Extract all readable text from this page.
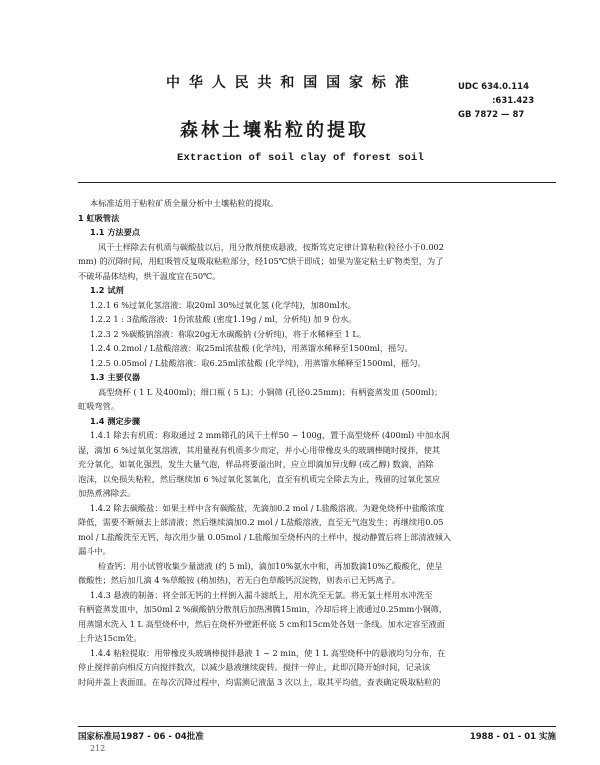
中 华 人 民 共 和 国 国 家 标 准	UDC 634.0.114
:631.423
GB 7872 — 87
森林土壤粘粒的提取
Extraction of soil clay of forest soil

本标准适用于粘粒矿质全量分析中土壤粘粒的提取。

1 虹吸管法

1.1 方法要点

风干土样除去有机质与碳酸盐以后，用分散剂使成悬液，按斯笃克定律计算粘粒(粒径小于0.002

mm) 的沉降时间，用虹吸管反复吸取粘粒部分，经105℃烘干即成；如果为鉴定粘土矿物类型，为了

不破坏晶体结构，烘干温度宜在50℃。

1.2 试剂

1.2.1 6 %过氧化氢溶液：取20ml 30%过氧化氢 (化学纯)，加80ml水。

1.2.2 1 : 3盐酸溶液：1份浓盐酸 (密度1.19g / ml，分析纯) 加 9 份水。

1.2.3 2 %碳酸钠溶液：称取20g无水碳酸钠 (分析纯)，将于水稀释至 1 L。

1.2.4 0.2mol / L盐酸溶液：取25ml浓盐酸 (化学纯)，用蒸馏水稀释至1500ml，摇匀。

1.2.5 0.05mol / L盐酸溶液：取6.25ml浓盐酸 (化学纯)，用蒸馏水稀释至1500ml，摇匀。

1.3 主要仪器

高型烧杯 ( 1 L 及400ml)；细口瓶 ( 5 L)；小铜筛 (孔径0.25mm)；有柄瓷蒸发皿 (500ml)；

虹吸弯管。

1.4 测定步骤

1.4.1 除去有机质：称取通过 2 mm筛孔的风干土样50 ~ 100g，置于高型烧杯 (400ml) 中加水润

湿，滴加 6 %过氧化氢溶液，其用量视有机质多少而定，并小心用带橡皮头的玻璃棒随时搅拌，使其

充分氧化，如氧化强烈，发生大量气泡，样品将要溢出时，应立即滴加异戊醇 (或乙醇) 数滴，消除

泡沫，以免损失粘粒，然后继续加 6 %过氧化氢氧化，直至有机质完全除去为止，残留的过氧化氢应

加热煮沸除去。

1.4.2 除去碳酸盐：如果土样中含有碳酸盐，先滴加0.2 mol / L盐酸溶液。为避免烧杯中盐酸浓度

降低，需要不断倾去上部清液；然后继续滴加0.2 mol / L盐酸溶液，直至无气泡发生；再继续用0.05

mol / L盐酸洗至无钙，每次用少量 0.05mol / L盐酸加至烧杯内的土样中，搅动静置后将上部清液倾入

漏斗中。

检查钙：用小试管收集少量滤液 (约 5 ml)，滴加10%氨水中和，再加数滴10%乙酸酸化，使呈

微酸性；然后加几滴 4 %草酸铵 (稍加热)，若无白色草酸钙沉淀物，则表示已无钙离子。

1.4.3 悬液的制备：将全部无钙的土样倒入漏斗滤纸上，用水洗至无氯。将无氯土样用水冲洗至

有柄瓷蒸发皿中，加50ml 2 %碳酸钠分散剂后加热沸腾15min，冷却后将上液通过0.25mm小铜筛，

用蒸馏水洗入 1 L 高型烧杯中，然后在烧杯外壁距杯底 5 cm和15cm处各划一条线。加水定容至液面

上升达15cm处。

1.4.4 粘粒提取：用带橡皮头玻璃棒搅拌悬液 1 ~ 2 min，使 1 L 高型烧杯中的悬液均匀分布，在

停止搅拌前向相反方向搅拌数次，以减少悬液继续旋转。搅拌一停止，此即沉降开始时间，记录该

时间并盖上表面皿。在每次沉降过程中，均需测记液温 3 次以上，取其平均值，查表确定吸取粘粒的

国家标准局1987 - 06 - 04批准	1988 - 01 - 01 实施
212
